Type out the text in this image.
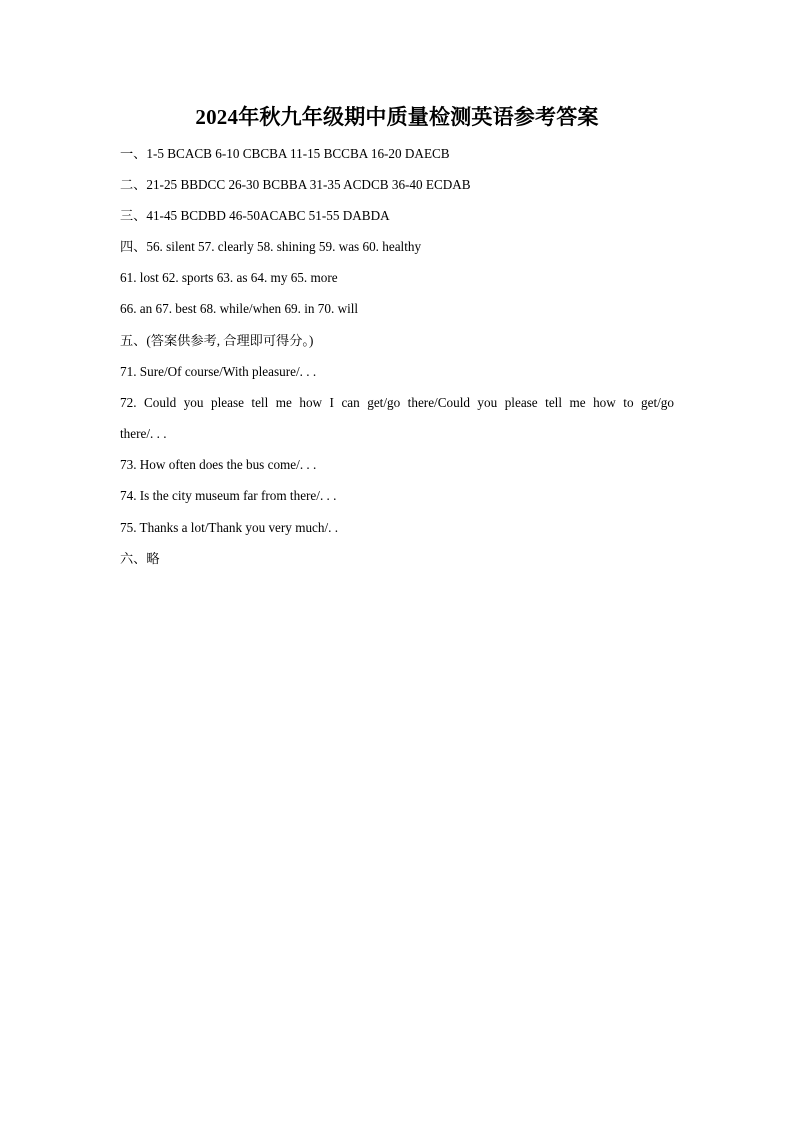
2024年秋九年级期中质量检测英语参考答案
一、1-5 BCACB 6-10 CBCBA 11-15 BCCBA 16-20 DAECB
二、21-25 BBDCC 26-30 BCBBA 31-35 ACDCB 36-40 ECDAB
三、41-45 BCDBD 46-50ACABC 51-55 DABDA
四、56. silent 57. clearly 58. shining 59. was 60. healthy
61. lost 62. sports 63. as 64. my 65. more
66. an 67. best 68. while/when 69. in 70. will
五、(答案供参考, 合理即可得分。)
71. Sure/Of course/With pleasure/. . .
72. Could you please tell me how I can get/go there/Could you please tell me how to get/go
there/. . .
73. How often does the bus come/. . .
74. Is the city museum far from there/. . .
75. Thanks a lot/Thank you very much/. .
六、略
